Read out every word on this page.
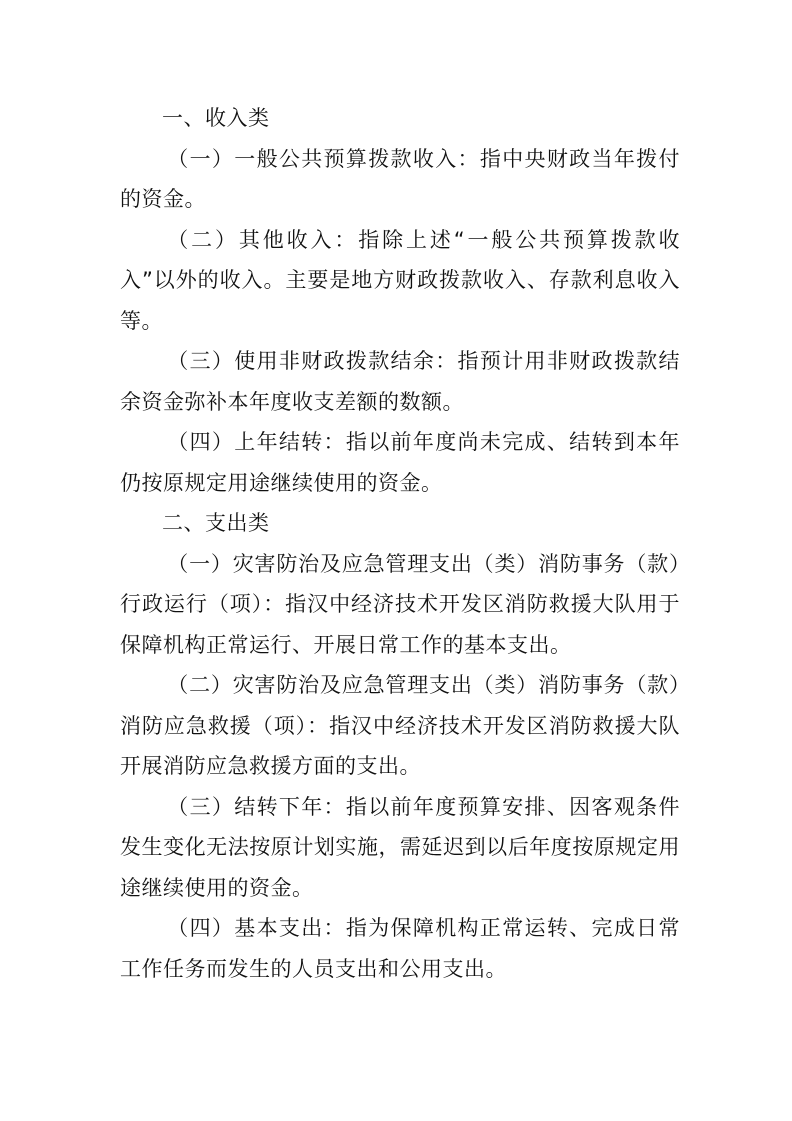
一、收入类

（一）一般公共预算拨款收入：指中央财政当年拨付的资金。

（二）其他收入：指除上述“一般公共预算拨款收入”以外的收入。主要是地方财政拨款收入、存款利息收入等。

（三）使用非财政拨款结余：指预计用非财政拨款结余资金弥补本年度收支差额的数额。

（四）上年结转：指以前年度尚未完成、结转到本年仍按原规定用途继续使用的资金。

二、支出类

（一）灾害防治及应急管理支出（类）消防事务（款）行政运行（项）：指汉中经济技术开发区消防救援大队用于保障机构正常运行、开展日常工作的基本支出。

（二）灾害防治及应急管理支出（类）消防事务（款）消防应急救援（项）：指汉中经济技术开发区消防救援大队开展消防应急救援方面的支出。

（三）结转下年：指以前年度预算安排、因客观条件发生变化无法按原计划实施，需延迟到以后年度按原规定用途继续使用的资金。

（四）基本支出：指为保障机构正常运转、完成日常工作任务而发生的人员支出和公用支出。
